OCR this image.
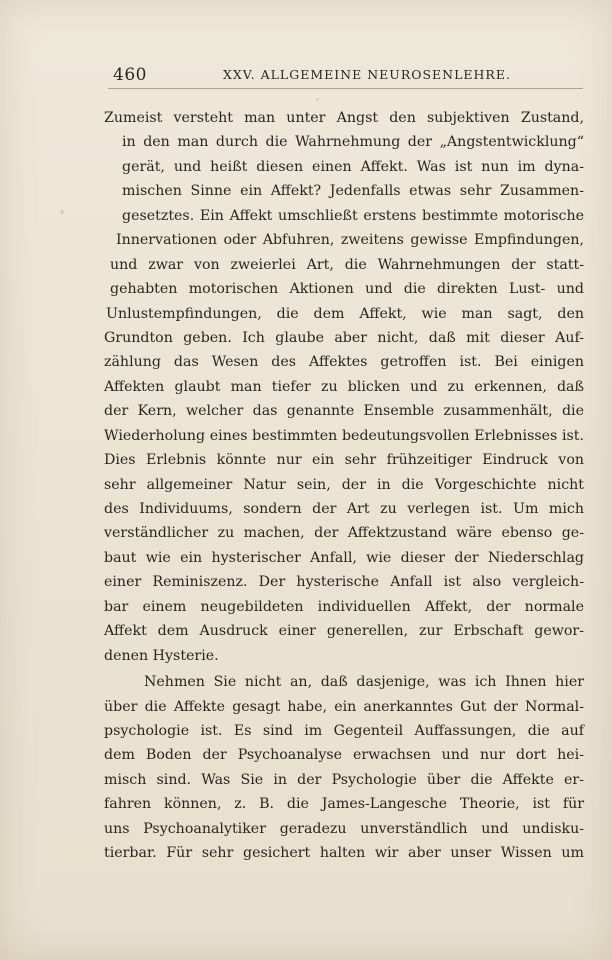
460	XXV. ALLGEMEINE NEUROSENLEHRE.
Zumeist versteht man unter Angst den subjektiven Zustand,
in den man durch die Wahrnehmung der „Angstentwicklung“
gerät, und heißt diesen einen Affekt. Was ist nun im dyna-
mischen Sinne ein Affekt? Jedenfalls etwas sehr Zusammen-
gesetztes. Ein Affekt umschließt erstens bestimmte motorische
Innervationen oder Abfuhren, zweitens gewisse Empfindungen,
und zwar von zweierlei Art, die Wahrnehmungen der statt-
gehabten motorischen Aktionen und die direkten Lust- und
Unlustempfindungen, die dem Affekt, wie man sagt, den
Grundton geben. Ich glaube aber nicht, daß mit dieser Auf-
zählung das Wesen des Affektes getroffen ist. Bei einigen
Affekten glaubt man tiefer zu blicken und zu erkennen, daß
der Kern, welcher das genannte Ensemble zusammenhält, die
Wiederholung eines bestimmten bedeutungsvollen Erlebnisses ist.
Dies Erlebnis könnte nur ein sehr frühzeitiger Eindruck von
sehr allgemeiner Natur sein, der in die Vorgeschichte nicht
des Individuums, sondern der Art zu verlegen ist. Um mich
verständlicher zu machen, der Affektzustand wäre ebenso ge-
baut wie ein hysterischer Anfall, wie dieser der Niederschlag
einer Reminiszenz. Der hysterische Anfall ist also vergleich-
bar einem neugebildeten individuellen Affekt, der normale
Affekt dem Ausdruck einer generellen, zur Erbschaft gewor-
denen Hysterie.
Nehmen Sie nicht an, daß dasjenige, was ich Ihnen hier
über die Affekte gesagt habe, ein anerkanntes Gut der Normal-
psychologie ist. Es sind im Gegenteil Auffassungen, die auf
dem Boden der Psychoanalyse erwachsen und nur dort hei-
misch sind. Was Sie in der Psychologie über die Affekte er-
fahren können, z. B. die James-Langesche Theorie, ist für
uns Psychoanalytiker geradezu unverständlich und undisku-
tierbar. Für sehr gesichert halten wir aber unser Wissen um
